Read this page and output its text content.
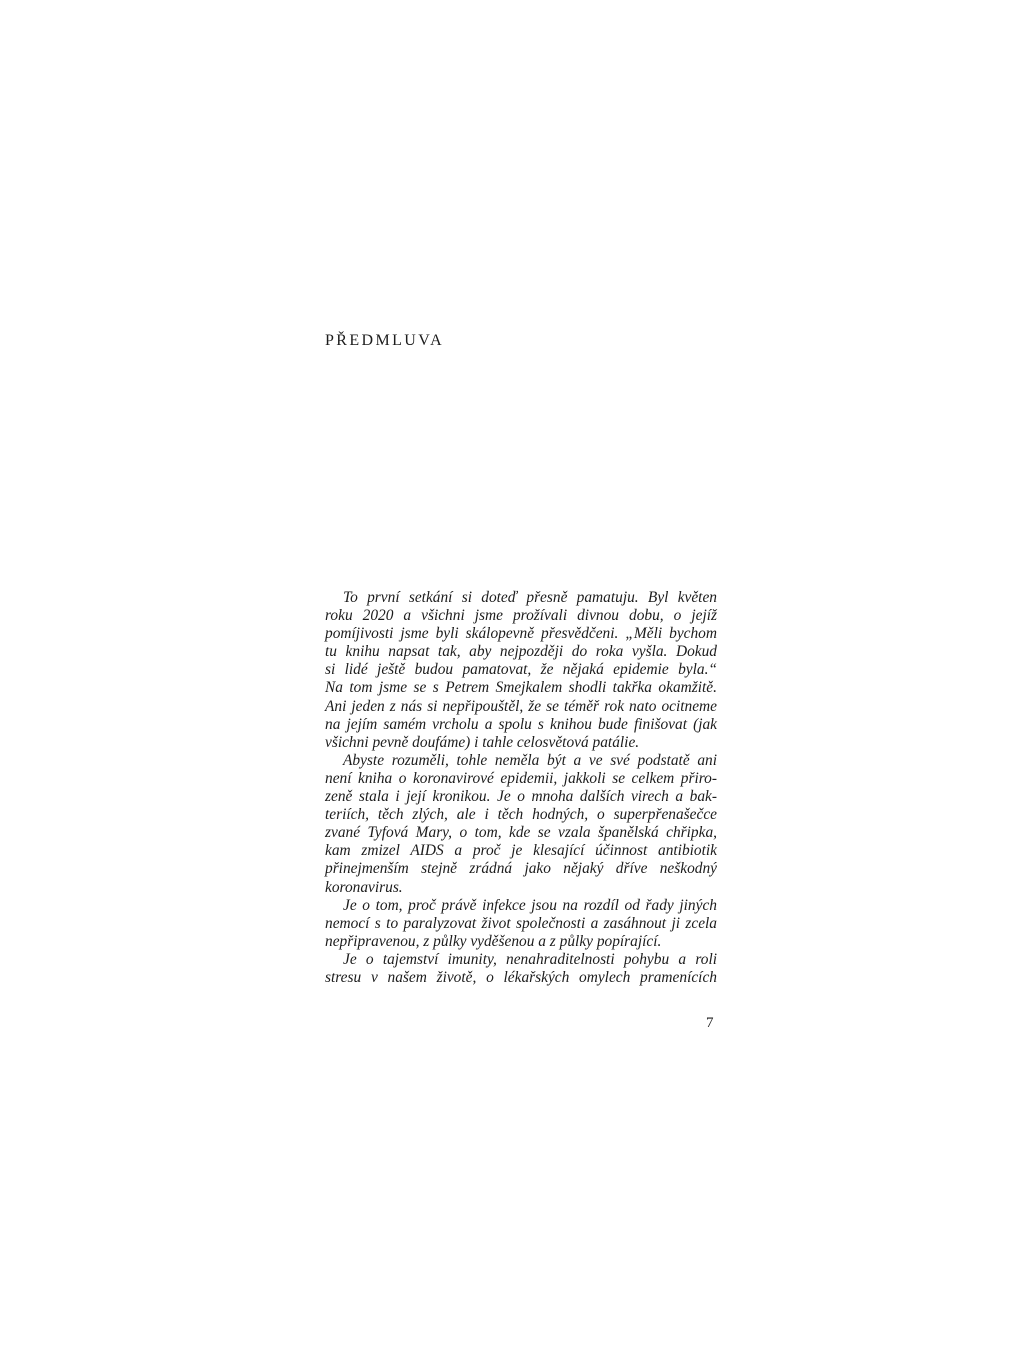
PŘEDMLUVA
To první setkání si doteď přesně pamatuju. Byl květen
roku 2020 a všichni jsme prožívali divnou dobu, o jejíž
pomíjivosti jsme byli skálopevně přesvědčeni. „Měli bychom
tu knihu napsat tak, aby nejpozději do roka vyšla. Dokud
si lidé ještě budou pamatovat, že nějaká epidemie byla.“
Na tom jsme se s Petrem Smejkalem shodli takřka okamžitě.
Ani jeden z nás si nepřipouštěl, že se téměř rok nato ocitneme
na jejím samém vrcholu a spolu s knihou bude finišovat (jak
všichni pevně doufáme) i tahle celosvětová patálie.
Abyste rozuměli, tohle neměla být a ve své podstatě ani
není kniha o koronavirové epidemii, jakkoli se celkem přiro-
zeně stala i její kronikou. Je o mnoha dalších virech a bak-
teriích, těch zlých, ale i těch hodných, o superpřenašečce
zvané Tyfová Mary, o tom, kde se vzala španělská chřipka,
kam zmizel AIDS a proč je klesající účinnost antibiotik
přinejmenším stejně zrádná jako nějaký dříve neškodný
koronavirus.
Je o tom, proč právě infekce jsou na rozdíl od řady jiných
nemocí s to paralyzovat život společnosti a zasáhnout ji zcela
nepřipravenou, z půlky vyděšenou a z půlky popírající.
Je o tajemství imunity, nenahraditelnosti pohybu a roli
stresu v našem životě, o lékařských omylech pramenících
7
